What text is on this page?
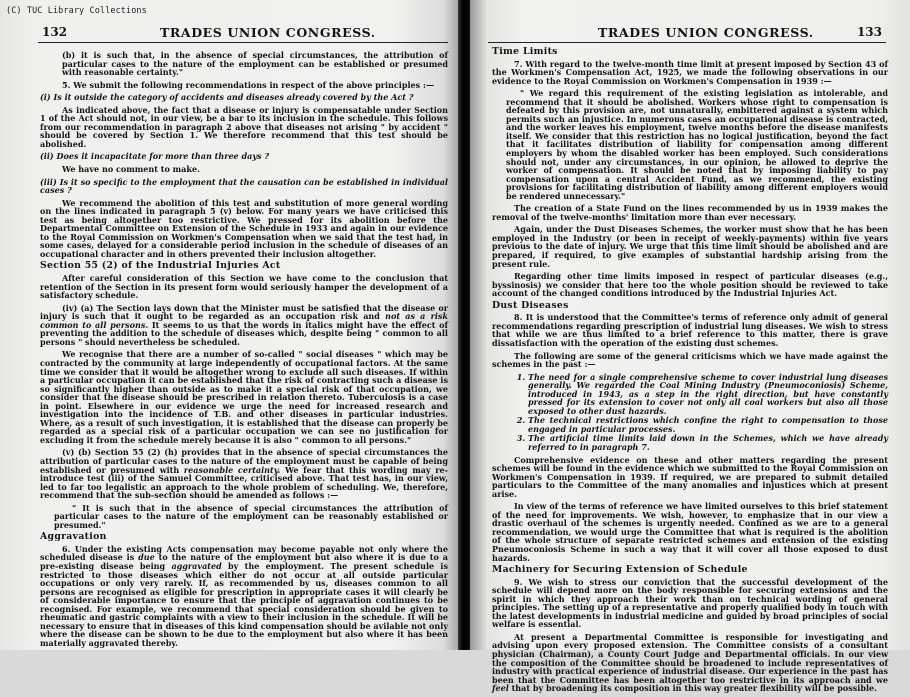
132	TRADES UNION CONGRESS.

(b) it is such that, in the absence of special circumstances, the attribution of particular cases to the nature of the employment can be established or presumed with reasonable certainty."

5. We submit the following recommendations in respect of the above principles :—

(i) Is it outside the category of accidents and diseases already covered by the Act ?

As indicated above, the fact that a disease or injury is compensatable under Section 1 of the Act should not, in our view, be a bar to its inclusion in the schedule. This follows from our recommendation in paragraph 2 above that diseases not arising " by accident " should be covered by Section 1. We therefore recommend that this test should be abolished.

(ii) Does it incapacitate for more than three days ?

We have no comment to make.

(iii) Is it so specific to the employment that the causation can be established in individual cases ?

We recommend the abolition of this test and substitution of more general wording on the lines indicated in paragraph 5 (v) below. For many years we have criticised this test as being altogether too restrictive. We pressed for its abolition before the Departmental Committee on Extension of the Schedule in 1933 and again in our evidence to the Royal Commission on Workmen's Compensation when we said that the test had, in some cases, delayed for a considerable period inclusion in the schedule of diseases of an occupational character and in others prevented their inclusion altogether.

Section 55 (2) of the Industrial Injuries Act

After careful consideration of this Section we have come to the conclusion that retention of the Section in its present form would seriously hamper the development of a satisfactory schedule.

(iv) (a) The Section lays down that the Minister must be satisfied that the disease or injury is such that it ought to be regarded as an occupation risk and not as a risk common to all persons. It seems to us that the words in italics might have the effect of preventing the addition to the schedule of diseases which, despite being " common to all persons " should nevertheless be scheduled.

We recognise that there are a number of so-called " social diseases " which may be contracted by the community at large independently of occupational factors. At the same time we consider that it would be altogether wrong to exclude all such diseases. If within a particular occupation it can be established that the risk of contracting such a disease is so significantly higher than outside as to make it a special risk of that occupation, we consider that the disease should be prescribed in relation thereto. Tuberculosis is a case in point. Elsewhere in our evidence we urge the need for increased research and investigation into the incidence of T.B. and other diseases in particular industries. Where, as a result of such investigation, it is established that the disease can properly be regarded as a special risk of a particular occupation we can see no justification for excluding it from the schedule merely because it is also " common to all persons."

(v) (b) Section 55 (2) (h) provides that in the absence of special circumstances the attribution of particular cases to the nature of the employment must be capable of being established or presumed with reasonable certainty. We fear that this wording may re-introduce test (iii) of the Samuel Committee, criticised above. That test has, in our view, led to far too legalistic an approach to the whole problem of scheduling. We, therefore, recommend that the sub-section should be amended as follows :—

" It is such that in the absence of special circumstances the attribution of particular cases to the nature of the employment can be reasonably established or presumed."

Aggravation

6. Under the existing Acts compensation may become payable not only where the scheduled disease is due to the nature of the employment but also where it is due to a pre-existing disease being aggravated by the employment. The present schedule is restricted to those diseases which either do not occur at all outside particular occupations or only very rarely. If, as recommended by us, diseases common to all persons are recognised as eligible for prescription in appropriate cases it will clearly be of considerable importance to ensure that the principle of aggravation continues to be recognised. For example, we recommend that special consideration should be given to rheumatic and gastric complaints with a view to their inclusion in the schedule. It will be necessary to ensure that in diseases of this kind compensation should be avilable not only where the disease can be shown to be due to the employment but also where it has been materially aggravated thereby.

TRADES UNION CONGRESS.	133
Time Limits

7. With regard to the twelve-month time limit at present imposed by Section 43 of the Workmen's Compensation Act, 1925, we made the following observations in our evidence to the Royal Commission on Workmen's Compensation in 1939 :—

" We regard this requirement of the existing legislation as intolerable, and recommend that it should be abolished. Workers whose right to compensation is defeated by this provision are, not unnaturally, embittered against a system which permits such an injustice. In numerous cases an occupational disease is contracted, and the worker leaves his employment, twelve months before the disease manifests itself. We consider that this restriction has no logical justification, beyond the fact that it facilitates distribution of liability for compensation among different employers by whom the disabled worker has been employed. Such considerations should not, under any circumstances, in our opinion, be allowed to deprive the worker of compensation. It should be noted that by imposing liability to pay compensation upon a central Accident Fund, as we recommend, the existing provisions for facilitating distribution of liability among different employers would be rendered unnecessary."

The creation of a State Fund on the lines recommended by us in 1939 makes the removal of the twelve-months' limitation more than ever necessary.

Again, under the Dust Diseases Schemes, the worker must show that he has been employed in the Industry (or been in receipt of weekly-payments) within five years previous to the date of injury. We urge that this time limit should be abolished and are prepared, if required, to give examples of substantial hardship arising from the present rule.

Regarding other time limits imposed in respect of particular diseases (e.g., byssinosis) we consider that here too the whole position should be reviewed to take account of the changed conditions introduced by the Industrial Injuries Act.

Dust Diseases

8. It is understood that the Committee's terms of reference only admit of general recommendations regarding prescription of industrial lung diseases. We wish to stress that while we are thus limited to a brief reference to this matter, there is grave dissatisfaction with the operation of the existing dust schemes.

The following are some of the general criticisms which we have made against the schemes in the past :—

1. The need for a single comprehensive scheme to cover industrial lung diseases generally. We regarded the Coal Mining Industry (Pneumoconiosis) Scheme, introduced in 1943, as a step in the right direction, but have constantly pressed for its extension to cover not only all coal workers but also all those exposed to other dust hazards.
2. The technical restrictions which confine the right to compensation to those engaged in particular processes.
3. The artificial time limits laid down in the Schemes, which we have already referred to in paragraph 7.

Comprehensive evidence on these and other matters regarding the present schemes will be found in the evidence which we submitted to the Royal Commission on Workmen's Compensation in 1939. If required, we are prepared to submit detailed particulars to the Committee of the many anomalies and injustices which at present arise.

In view of the terms of reference we have limited ourselves to this brief statement of the need for improvements. We wish, however, to emphasize that in our view a drastic overhaul of the schemes is urgently needed. Confined as we are to a general recommendation, we would urge the Committee that what is required is the abolition of the whole structure of separate restricted schemes and extension of the existing Pneumoconiosis Scheme in such a way that it will cover all those exposed to dust hazards.

Machinery for Securing Extension of Schedule

9. We wish to stress our conviction that the successful development of the schedule will depend more on the body responsible for securing extensions and the spirit in which they approach their work than on technical wording of general principles. The setting up of a representative and properly qualified body in touch with the latest developments in industrial medicine and guided by broad principles of social welfare is essential.

At present a Departmental Committee is responsible for investigating and advising upon every proposed extension. The Committee consists of a consultant physician (Chairman), a County Court Judge and Departmental officials. In our view the composition of the Committee should be broadened to include representatives of industry with practical experience of industrial disease. Our experience in the past has been that the Committee has been altogether too restrictive in its approach and we feel that by broadening its composition in this way greater flexibility will be possible.

(C) TUC Library Collections
